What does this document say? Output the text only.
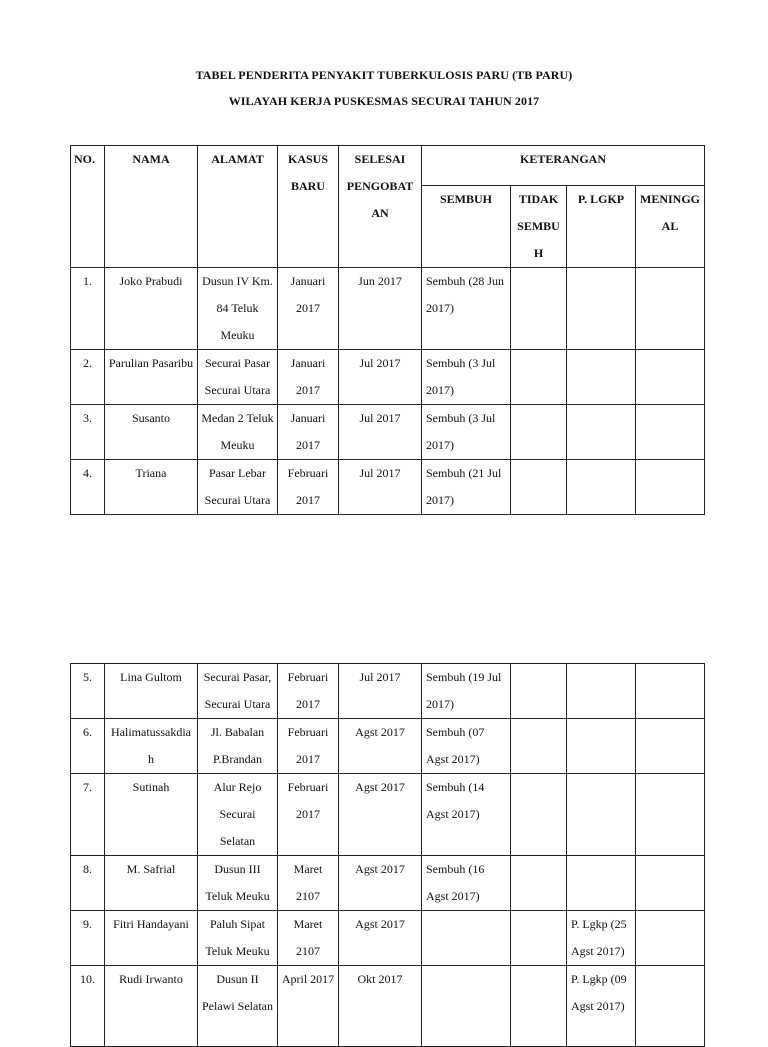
TABEL PENDERITA PENYAKIT TUBERKULOSIS PARU (TB PARU)
WILAYAH KERJA PUSKESMAS SECURAI TAHUN 2017
NO.	NAMA	ALAMAT	KASUS BARU	SELESAI PENGOBAT AN	KETERANGAN			
					SEMBUH	TIDAK SEMBU H	P. LGKP	MENINGG AL
1.	Joko Prabudi	Dusun IV Km. 84 Teluk Meuku	Januari 2017	Jun 2017	Sembuh (28 Jun 2017)			
2.	Parulian Pasaribu	Securai Pasar Securai Utara	Januari 2017	Jul 2017	Sembuh (3 Jul 2017)			
3.	Susanto	Medan 2 Teluk Meuku	Januari 2017	Jul 2017	Sembuh (3 Jul 2017)			
4.	Triana	Pasar Lebar Securai Utara	Februari 2017	Jul 2017	Sembuh (21 Jul 2017)			
5.	Lina Gultom	Securai Pasar, Securai Utara	Februari 2017	Jul 2017	Sembuh (19 Jul 2017)			
6.	Halimatussakdia h	Jl. Babalan P.Brandan	Februari 2017	Agst 2017	Sembuh (07 Agst 2017)			
7.	Sutinah	Alur Rejo Securai Selatan	Februari 2017	Agst 2017	Sembuh (14 Agst 2017)			
8.	M. Safrial	Dusun III Teluk Meuku	Maret 2107	Agst 2017	Sembuh (16 Agst 2017)			
9.	Fitri Handayani	Paluh Sipat Teluk Meuku	Maret 2107	Agst 2017			P. Lgkp (25 Agst 2017)	
10.	Rudi Irwanto	Dusun II Pelawi Selatan	April 2017	Okt 2017			P. Lgkp (09 Agst 2017)	
